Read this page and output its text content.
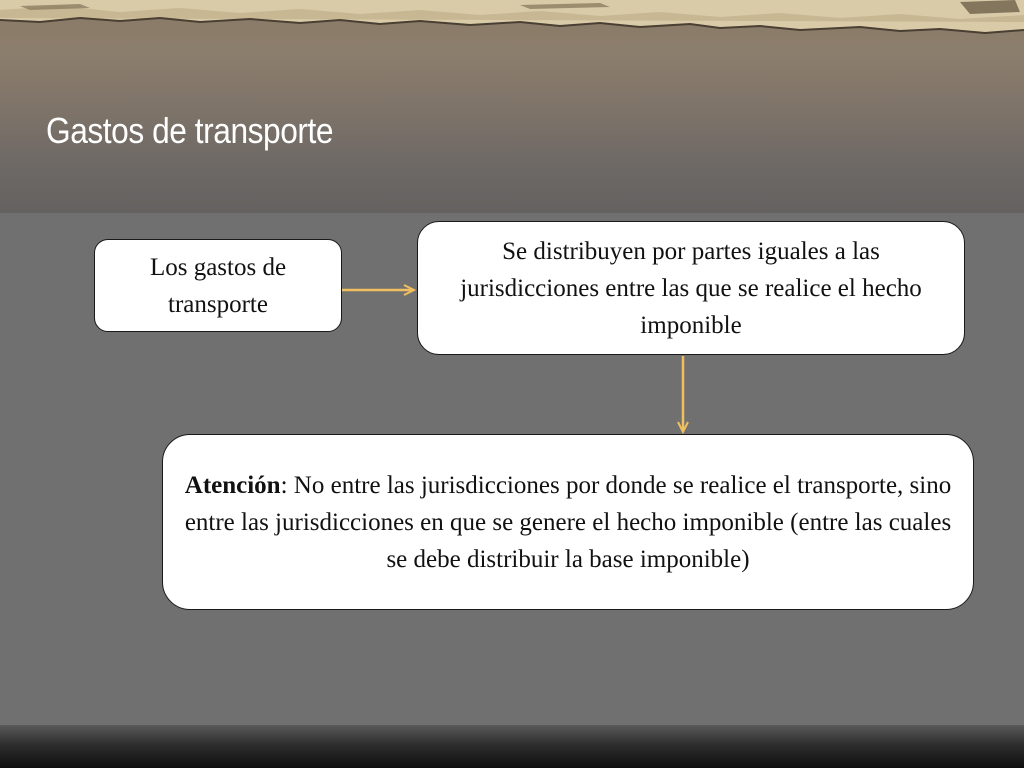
Gastos de transporte
Los gastos de transporte
Se distribuyen por partes iguales a las jurisdicciones entre las que se realice el hecho imponible
Atención: No entre las jurisdicciones por donde se realice el transporte, sino entre las jurisdicciones en que se genere el hecho imponible (entre las cuales se debe distribuir la base imponible)
